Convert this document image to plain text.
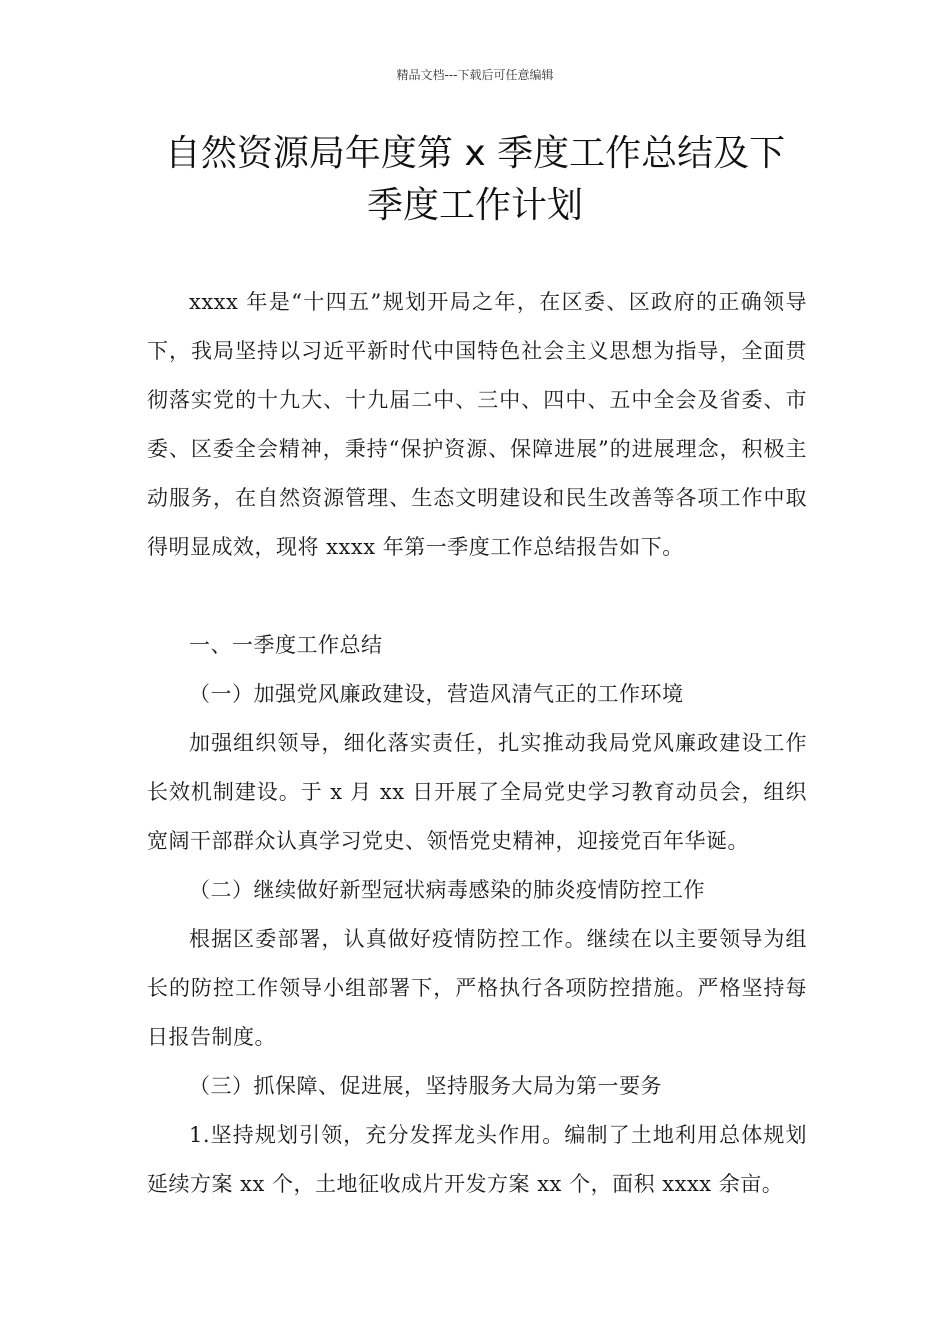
精品文档---下载后可任意编辑
自然资源局年度第 x 季度工作总结及下
季度工作计划

xxxx 年是“十四五”规划开局之年，在区委、区政府的正确领导下，我局坚持以习近平新时代中国特色社会主义思想为指导，全面贯彻落实党的十九大、十九届二中、三中、四中、五中全会及省委、市委、区委全会精神，秉持“保护资源、保障进展”的进展理念，积极主动服务，在自然资源管理、生态文明建设和民生改善等各项工作中取得明显成效，现将 xxxx 年第一季度工作总结报告如下。

一、一季度工作总结

（一）加强党风廉政建设，营造风清气正的工作环境

加强组织领导，细化落实责任，扎实推动我局党风廉政建设工作长效机制建设。于 x 月 xx 日开展了全局党史学习教育动员会，组织宽阔干部群众认真学习党史、领悟党史精神，迎接党百年华诞。

（二）继续做好新型冠状病毒感染的肺炎疫情防控工作

根据区委部署，认真做好疫情防控工作。继续在以主要领导为组长的防控工作领导小组部署下，严格执行各项防控措施。严格坚持每日报告制度。

（三）抓保障、促进展，坚持服务大局为第一要务

1.坚持规划引领，充分发挥龙头作用。编制了土地利用总体规划延续方案 xx 个，土地征收成片开发方案 xx 个，面积 xxxx 余亩。
